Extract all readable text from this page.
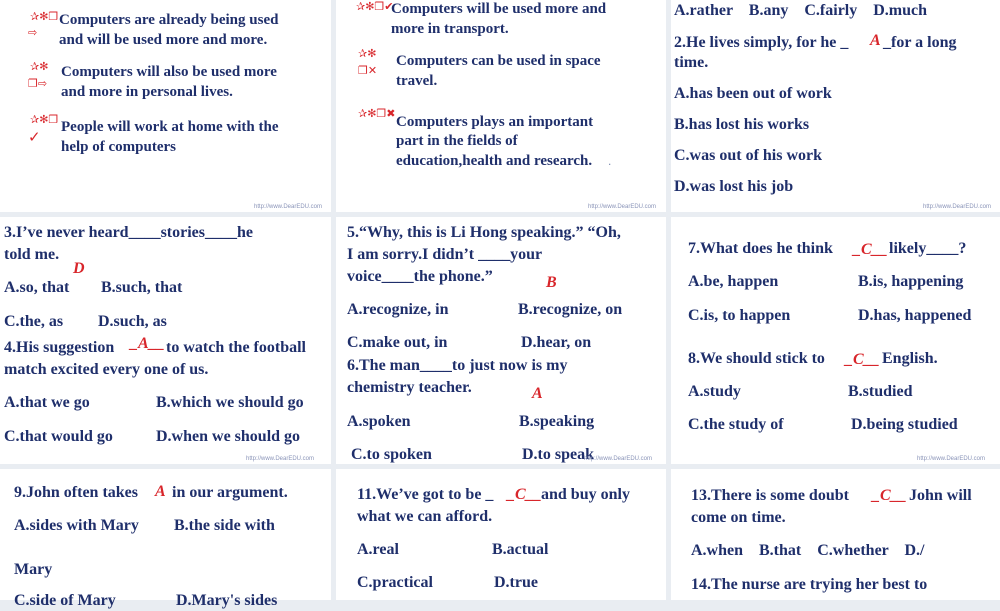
✰✻❐
⇨
Computers are already being used
and will be used more and more.
✰✻
❐⇨
Computers will also be used more
and more in personal lives.
✰✻❐
✓
People will work at home with the
help of computers
http://www.DearEDU.com
✰✻❐✔
Computers will be used more and
more in transport.
✰✻
❐✕
Computers can be used in space
travel.
✰✻❐✖
Computers plays an important
part in the fields of
education,health and research. .
http://www.DearEDU.com
A.rather    B.any    C.fairly    D.much
2.He lives simply, for he _ A _for a long
time.
A.has been out of work
B.has lost his works
C.was out of his work
D.was lost his job
http://www.DearEDU.com
3.I’ve never heard____stories____he
told me.
D
A.so, that B.such, that
C.the, as D.such, as
4.His suggestion _A__ to watch the football
match excited every one of us.
A.that we go	B.which we should go
C.that would go	D.when we should go
http://www.DearEDU.com
5.“Why, this is Li Hong speaking.” “Oh,
I am sorry.I didn’t ____your
voice____the phone.”	B
A.recognize, in	B.recognize, on
C.make out, in	D.hear, on
6.The man____to just now is my
chemistry teacher.	A
A.spoken	B.speaking
C.to spoken	D.to speak
http://www.DearEDU.com
7.What does he think _C__ likely____?
A.be, happen	B.is, happening
C.is, to happen	D.has, happened
8.We should stick to _C__ English.
A.study	B.studied
C.the study of	D.being studied
http://www.DearEDU.com
9.John often takes A in our argument.
A.sides with Mary B.the side with
Mary
C.side of Mary	D.Mary's sides
11.We’ve got to be _ _C__ and buy only
what we can afford.
A.real	B.actual
C.practical	D.true
13.There is some doubt _C__ John will
come on time.
A.when    B.that    C.whether    D./
14.The nurse are trying her best to
